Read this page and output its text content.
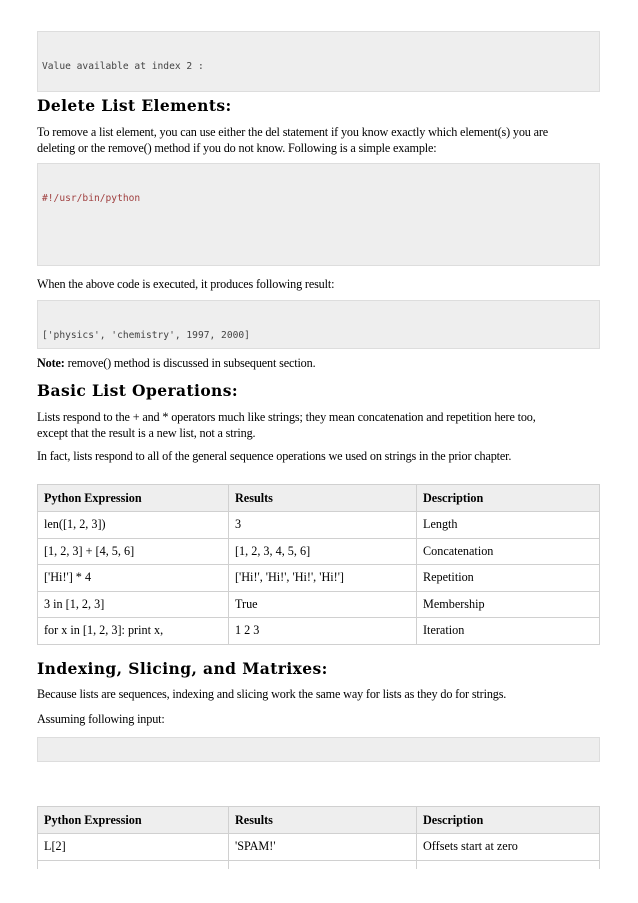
Value available at index 2 :

Delete List Elements:

To remove a list element, you can use either the del statement if you know exactly which element(s) you are

deleting or the remove() method if you do not know. Following is a simple example:

#!/usr/bin/python

When the above code is executed, it produces following result:

['physics', 'chemistry', 1997, 2000]

Note: remove() method is discussed in subsequent section.

Basic List Operations:

Lists respond to the + and * operators much like strings; they mean concatenation and repetition here too,

except that the result is a new list, not a string.

In fact, lists respond to all of the general sequence operations we used on strings in the prior chapter.

Python Expression	Results	Description
len([1, 2, 3])	3	Length
[1, 2, 3] + [4, 5, 6]	[1, 2, 3, 4, 5, 6]	Concatenation
['Hi!'] * 4	['Hi!', 'Hi!', 'Hi!', 'Hi!']	Repetition
3 in [1, 2, 3]	True	Membership
for x in [1, 2, 3]: print x,	1 2 3	Iteration
Indexing, Slicing, and Matrixes:

Because lists are sequences, indexing and slicing work the same way for lists as they do for strings.

Assuming following input:

Python Expression	Results	Description
L[2]	'SPAM!'	Offsets start at zero
